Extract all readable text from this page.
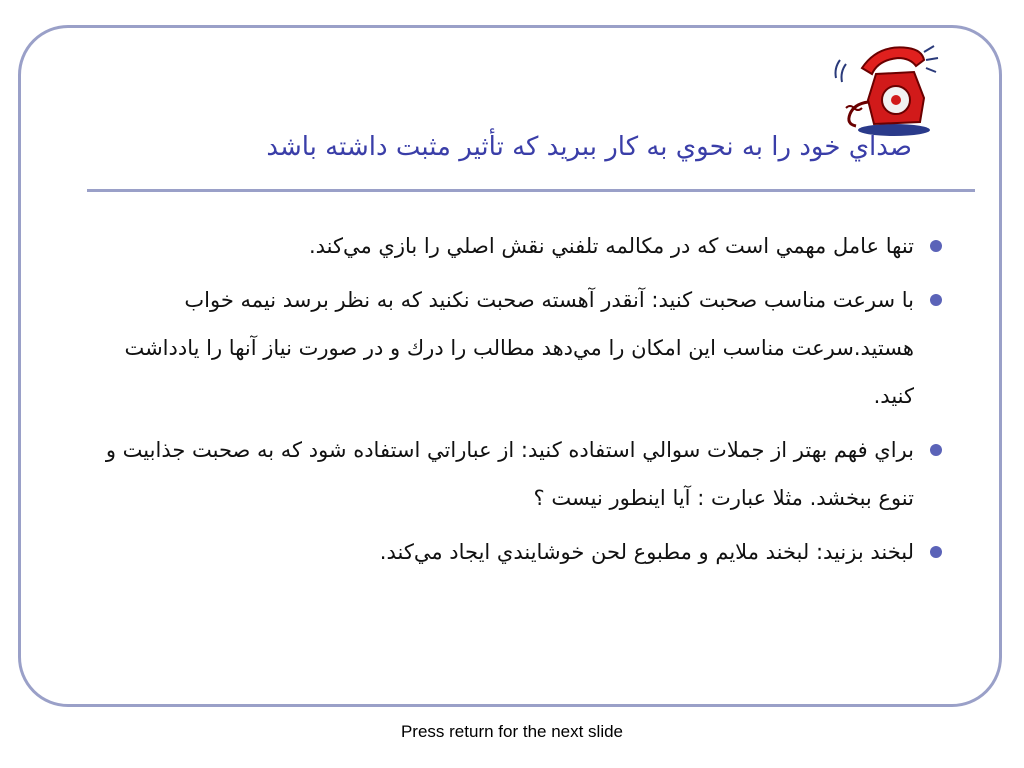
صداي خود را به نحوي به كار ببريد كه تأثير مثبت داشته باشد
تنها عامل مهمي است كه در مكالمه تلفني نقش اصلي را بازي مي‌كند.
با سرعت مناسب صحبت كنيد: آنقدر آهسته صحبت نكنيد كه به نظر برسد نيمه خواب هستيد.سرعت مناسب اين امكان را مي‌دهد مطالب را درك و در صورت نياز آنها را يادداشت كنيد.
براي فهم بهتر از جملات سوالي استفاده كنيد: از عباراتي استفاده شود كه به صحبت جذابيت و تنوع ببخشد. مثلا عبارت : آيا اينطور نيست ؟
لبخند بزنيد: لبخند ملايم و مطبوع لحن خوشايندي ايجاد مي‌كند.
Press return for the next slide
